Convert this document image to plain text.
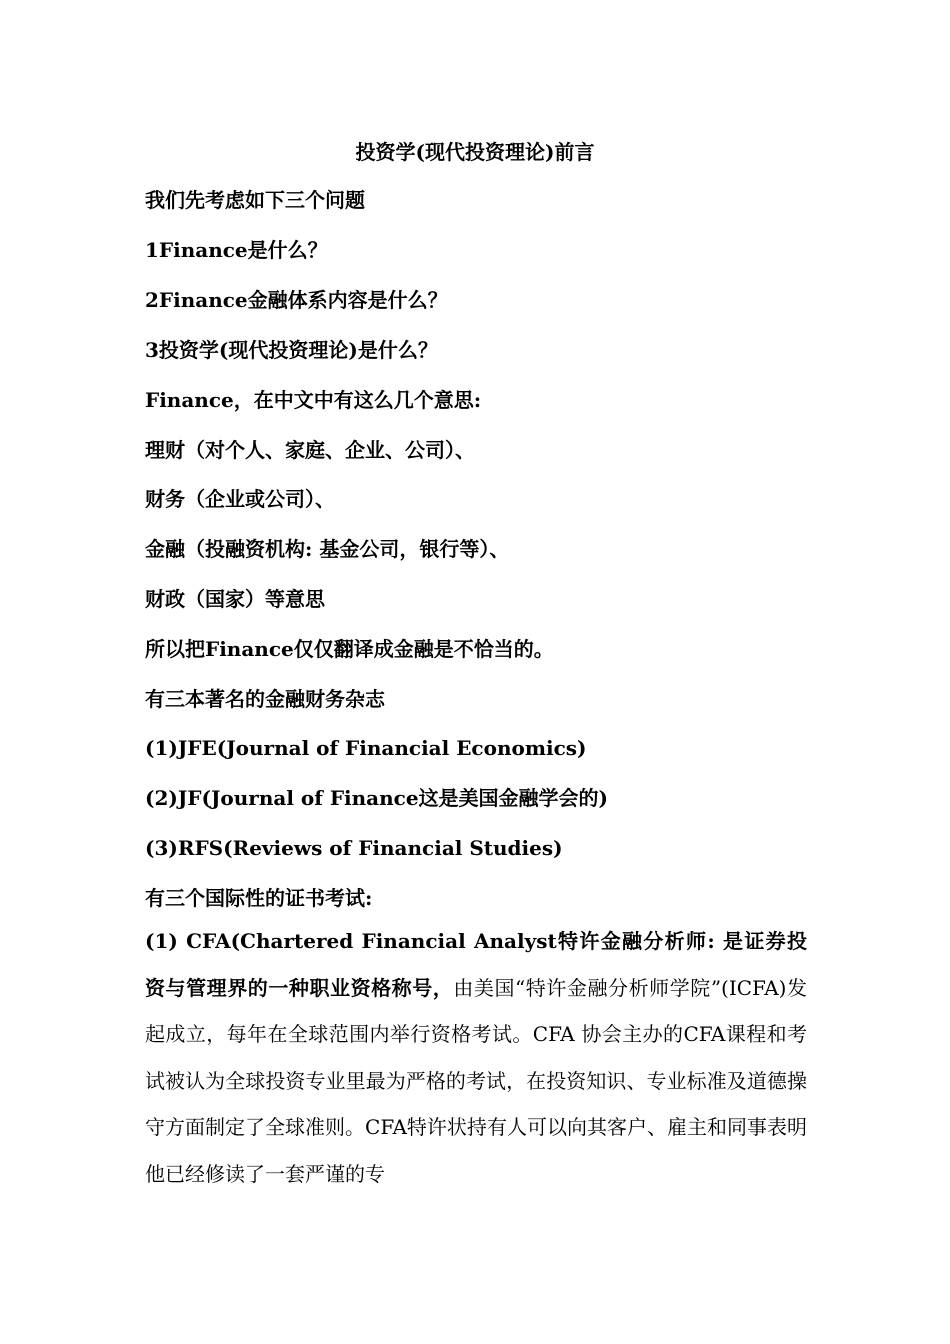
投资学(现代投资理论)前言
我们先考虑如下三个问题
1Finance是什么？
2Finance金融体系内容是什么？
3投资学(现代投资理论)是什么？
Finance，在中文中有这么几个意思:
理财（对个人、家庭、企业、公司）、
财务（企业或公司）、
金融（投融资机构: 基金公司，银行等）、
财政（国家）等意思
所以把Finance仅仅翻译成金融是不恰当的。
有三本著名的金融财务杂志
(1)JFE(Journal of Financial Economics)
(2)JF(Journal of Finance这是美国金融学会的)
(3)RFS(Reviews of Financial Studies)
有三个国际性的证书考试:
(1) CFA(Chartered Financial Analyst特许金融分析师: 是证券投资与管理界的一种职业资格称号，由美国“特许金融分析师学院”(ICFA)发起成立，每年在全球范围内举行资格考试。CFA 协会主办的CFA课程和考试被认为全球投资专业里最为严格的考试，在投资知识、专业标准及道德操守方面制定了全球准则。CFA特许状持有人可以向其客户、雇主和同事表明他已经修读了一套严谨的专
